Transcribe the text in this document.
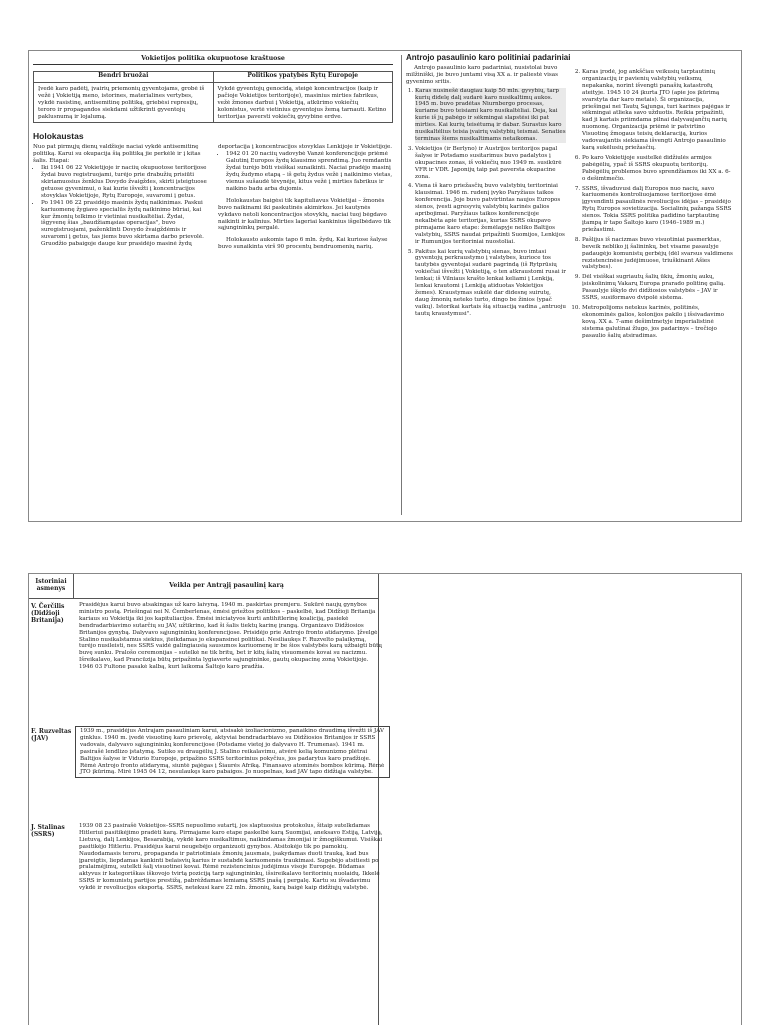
Vokietijos politika okupuotose kraštuose
Bendri bruožai

Įvedė karo padėtį, įvairių priemonių gyventojams, grobė iš vežė į Vokietiją meno, istorines, materialines vertybes, vykdė rasistinę, antisemitinę politiką, griebėsi represijų, teroro ir propagandos siekdami užtikrinti gyventojų paklusnumą ir lojalumą.

Politikos ypatybės Rytų Europoje

Vykdė gyventojų genocidą, steigė koncentracijos (kaip ir pačioje Vokietijos teritorijoje), masinius mirties fabrikus, vežė žmones darbui į Vokietiją, atkūrimo vokiečių kolonistus, vertė vietinius gyventojus žemą tarnauti. Ketino teritorijas paversti vokiečių gyvybine erdve.

Holokaustas

Nuo pat pirmųjų dienų valdžioje naciai vykdė antisemitinę politiką. Karui su okupacija šią politiką jie perkėlė ir į kitas šalis. Etapai:

• Iki 1941 06 22 Vokietijoje ir naciių okupuotose teritorijose žydai buvo registruojami, turėjo prie drabužių prisiūti skiriamuosius ženklus Dovydo žvaigždes, skirti įsteigtuose getuose gyvenimui, o kai kurie išvežti į koncentracijos stovyklas Vokietijoje, Rytų Europoje, suvaromi į getus.
• Po 1941 06 22 prasidėjo masinis žydų naikinimas. Paskui kariuomenę žygiavo specialūs žydų naikinimo būriai, kai kur žmonių telkimo ir vietiniai nusikaltėliai. Žydai, išgyvenę šias „baudžiamąsias operacijas", buvo suregistruojami, paženklinti Dovydo žvaigždėmis ir suvaromi į getus, tas jiems buvo skirtama darbo prievolė. Gruodžio pabaigoje dauge kur prasidėjo masinė žydų

deportacija į koncentracijos stovyklas Lenkijoje ir Vokietijoje.

• 1942 01 20 naciių vadovybė Vanzė konferencijoje priėmė Galutinį Europos žydų klausimo sprendimą. Juo remdantis žydai turėjo būti visiškai sunaikinti. Naciai pradėjo masinį žydų žudymo etapą – iš getų žydus vežė į naikinimo vietas, vienus sušaudė tėvynėje, kitus vežė į mirties fabrikus ir naikino badu arba dujomis.

Holokaustas baigėsi tik kapituliavus Vokietijai – žmonės buvo naikinami iki paskutinės akimirkos. Jei kautynės vykdavo netoli koncentracijos stovyklų, naciai tuoj bėgdavo naikinti ir kalinius. Mirties lageriai kankinius išgelbėdavo tik sąjungininkų pergalė.

Holokausto aukomis tapo 6 mln. žydų. Kai kuriose šalyse buvo sunaikinta virš 90 procentų bendruomenių narių.

Antrojo pasaulinio karo politiniai padariniai

Antrojo pasaulinio karo padariniai, nusistolai buvo milžiniški, jie buvo juntami visą XX a. ir paliestė visas gyvenimo sritis.

1. Karas nusinešė daugiau kaip 50 mln. gyvybių, tarp kurių didelę dalį sudarė karo nusikaltimų aukos. 1945 m. buvo pradėtas Niurnbergo procesas, kuriame buvo teisiami karo nusikaltėliai. Deja, kai kurie iš jų pabėgo ir sėkmingai slapstėsi iki pat mirties. Kai kurių teisėtumą ir dabar. Surastus karo nusikaltėlius teisia įvairių valstybių teismai. Senaties terminas šiems nusikaltimams netaikomas.
3. Vokietijos (ir Berlyno) ir Austrijos teritorijos pagal šalyse ir Potsdamo susitarimus buvo padalytos į okupacines zonas, iš vokiečių nuo 1949 m. susikūrė VFR ir VDR. Japonijų taip pat paversta okupacine zona.
4. Viena iš karo priežasčių buvo valstybių teritoriniai klausimai. 1946 m. rudenį įvyko Paryžiaus taikos konferencija. Joje buvo patvirtintas naujos Europos sienos, įvesti agresyvių valstybių karinės galios apribojimai. Paryžiaus taikos konferencijoje nekalbėta apie teritorijas, kurias SSRS okupavo pirmajame karo etape: žemėlapyje neliko Baltijos valstybių, SSRS naudai pripažinti Suomijos, Lenkijos ir Rumunijos teritoriniai nuostoliai.
5. Pakitus kai kurių valstybių sienas, buvo imtasi gyventojų perkraustymo į valstybes, kurioce tos tautybės gyventojai sudarė pagrindą (iš Rytprūsių vokiečiai išvežti į Vokietiją, o ten atkraustomi rusai ir lenkai; iš Vilniaus krašto lenkai keliami į Lenkiją, lenkai krautomi į Lenkiją atiduotas Vokietijos žemes). Kraustymas sukėlė dar didesnę suirutę, daug žmonių neteko turto, dingo be žinios (ypač vaikų). Istorikai kartais šią situaciją vadina „antruoju tautų kraustymusi".
2. Karas įrodė, jog ankščiau veikusių tarptautinių organizacijų ir pavienių valstybių veiksmų nepakanka, norint išvengti panašių katastrofų ateityje. 1945 10 24 įkurta JTO (apie jos įkūrimą svarstyta dar karo metais). Ši organizacija, priešingai nei Tautų Sąjunga, turi karines pajėgas ir sėkmingai atlieka savo užduotis. Reikia pripažinti, kad ji kartais priimdama pilnai dalyvaujančių narių nuomonę. Organizacija priėmė ir patvirtino Visuotinę žmogaus teisių deklaraciją, kurios vadovaujantis siekiama išvengti Antrojo pasaulinio karą sukėlusių priežasčių.
6. Po karo Vokietijoje susitelkė didžiulės armijos pabėgėlių, ypač iš SSRS okupuotų teritorijų. Pabėgėlių problemos buvo sprendžiamos iki XX a. 6-o dešimtmečio.
7. SSRS, išvaduvusi dalį Europos nuo nacių, savo kariuomenės kontroliuojamose teritorijose ėmė įgyvendinti pasaulinės revoliucijos idėjas – prasidėjo Rytų Europos sovietizacija. Socialinių pažanga SSRS sienos. Tokia SSRS politika padidino tarptautinę įtampą ir tapo Šaltojo karo (1946–1989 m.) priežastimi.
8. Pašlijus iš nacizmas buvo visuotiniai pasmerktas, beveik nebliko jį šalininkų, bet visame pasaulyje padaugėjo komunistų gerbėjų (dėl svarsus valdimens rezistencinėse judėjimuose, triuškinant Ašies valstybes).
9. Dėl visiškai sugriautų šalių ūkių, žmonių aukų, įsiskolinimų Vakarų Europa prarado politinę galią. Pasaulyje iškylo dvi didžiosios valstybės – JAV ir SSRS, susiformavo dvipolė sistema.
10. Metropolijoms netekus karinės, politinės, ekonominės galios, kolonijos pakilo į išsivadavimo kovą. XX a. 7-ame dešimtmetyje imperialistinė sistema galutinai žlugo, jos padarinys – trečiojo pasaulio šalių atsiradimas.
Istoriniai asmenys	Veikla per Antrąjį pasaulinį karą
V. Čerčilis (Didžioji Britanija)
Prasidėjus karui buvo atsakingas už karo laivyną. 1940 m. paskirtas premjeru. Sukūrė naujų gynybos ministro postą. Priešingai nei N. Čemberlenas, ėmėsi griežtos politikos – paskelbė, kad Didžioji Britanija kariaus su Vokietija iki jos kapituliacijos. Ėmėsi iniciatyvos kurti antihitlerinę koaliciją, pasiekė bendradarbiavimo sutarčių su JAV, užtikrino, kad ši šalis tiektų karinę įrangą. Organizavo Didžiosios Britanijos gynybą. Dalyvavo sąjungininkų konferencijose. Prisidėjo prie Antrojo fronto atidarymo. Įžvelgė Stalino nusikalstamus siekius, įteikdamas jo ekspansinei politikai. Nesiliaukęs F. Ruzvelto palaikymą, turėjo nusileisti, nes SSRS vaidė galingiausią sausumos kariuomenę ir be šios valstybės karą užbaigti būtų buvę sunku. Pralošo ceremonijas – sutelkė ne tik britų, bet ir kitų šalių visuomenės kovai su nacizmu. Išreikalavo, kad Prancūzija būtų pripažinta lygiaverte sąjungininke, gautų okupacinę zoną Vokietijoje. 1946 03 Fultone pasakė kalbą, kuri laikoma Šaltojo karo pradžia.
F. Ruzveltas (JAV)
1939 m., prasidėjus Antrajam pasauliniam karui, atsisakė izoliacionizmo, panaikino draudimą išvežti iš JAV ginklus. 1940 m. įvedė visuotinę karo prievolę, aktyviai bendradarbiavo su Didžiosios Britanijos ir SSRS vadovais, dalyvavo sąjungininkų konferencijose (Potsdame vietoj jo dalyvavo H. Trumenas). 1941 m. pasirašė lendlizo įstatymą. Sutiko su draugėlių J. Stalino reikalavimu, atvėrė kelią komunizmo plėtrai Baltijos šalyse ir Vidurio Europoje, pripažino SSRS teritorinius pokyčius, jos padarytus karo pradžioje. Rėmė Antrojo fronto atidarymą, siuntė pajėgas į Šiaurės Afriką. Finansavo atominės bombos kūrimą. Rėmė JTO įkūrimą. Mirė 1945 04 12, nesulaukęs karo pabaigos. Jo nuopelnas, kad JAV tapo didžiąja valstybe.
J. Stalinas (SSRS)
1939 08 23 pasirašė Vokietijos–SSRS nepuolimo sutartį, jos slaptuosius protokolus, šitaip sutelkdamas Hitleriui pasitikėjimo pradėti karą. Pirmajame karo etape paskelbė karą Suomijai, aneksavo Estiją, Latviją, Lietuvą, dalį Lenkijos, Besarabiją, vykdė karo nusikaltimus, naikindamas žmonijai ir žmogiškumui. Visiškai pasitikėjo Hitleriu. Prasidėjus karui neugebėjo organizuoti gynybos. Atsitokėjo tik po pamokių. Naudodamasis teroru, propaganda ir patriotiniais žmonių jausmais, įsakydamas duoti trauką, kad bus įpareigtis, liepdamas kankinti belaisvių karius ir sustabdė kariuomenės traukimasi. Sugebėjo atsitiesti po pralaimėjimų, sutelkti šalį visuotinei kovai. Rėmė rezistencinius judėjimus visoje Europoje. Būdamas aktyvus ir kategoriškas iškovojo tvirtą poziciją tarp sąjungininkų, išsireikalavo teritorinių nuolaidų. Ikkelė SSRS ir komunistų partijos prestižą, pabrėždamas lemiamą SSRS įnašą į pergalę. Kartu su išvadavimu vykdė ir revoliucijos eksportą. SSRS, netekusi kare 22 mln. žmonių, karą baigė kaip didžiųjų valstybė.
